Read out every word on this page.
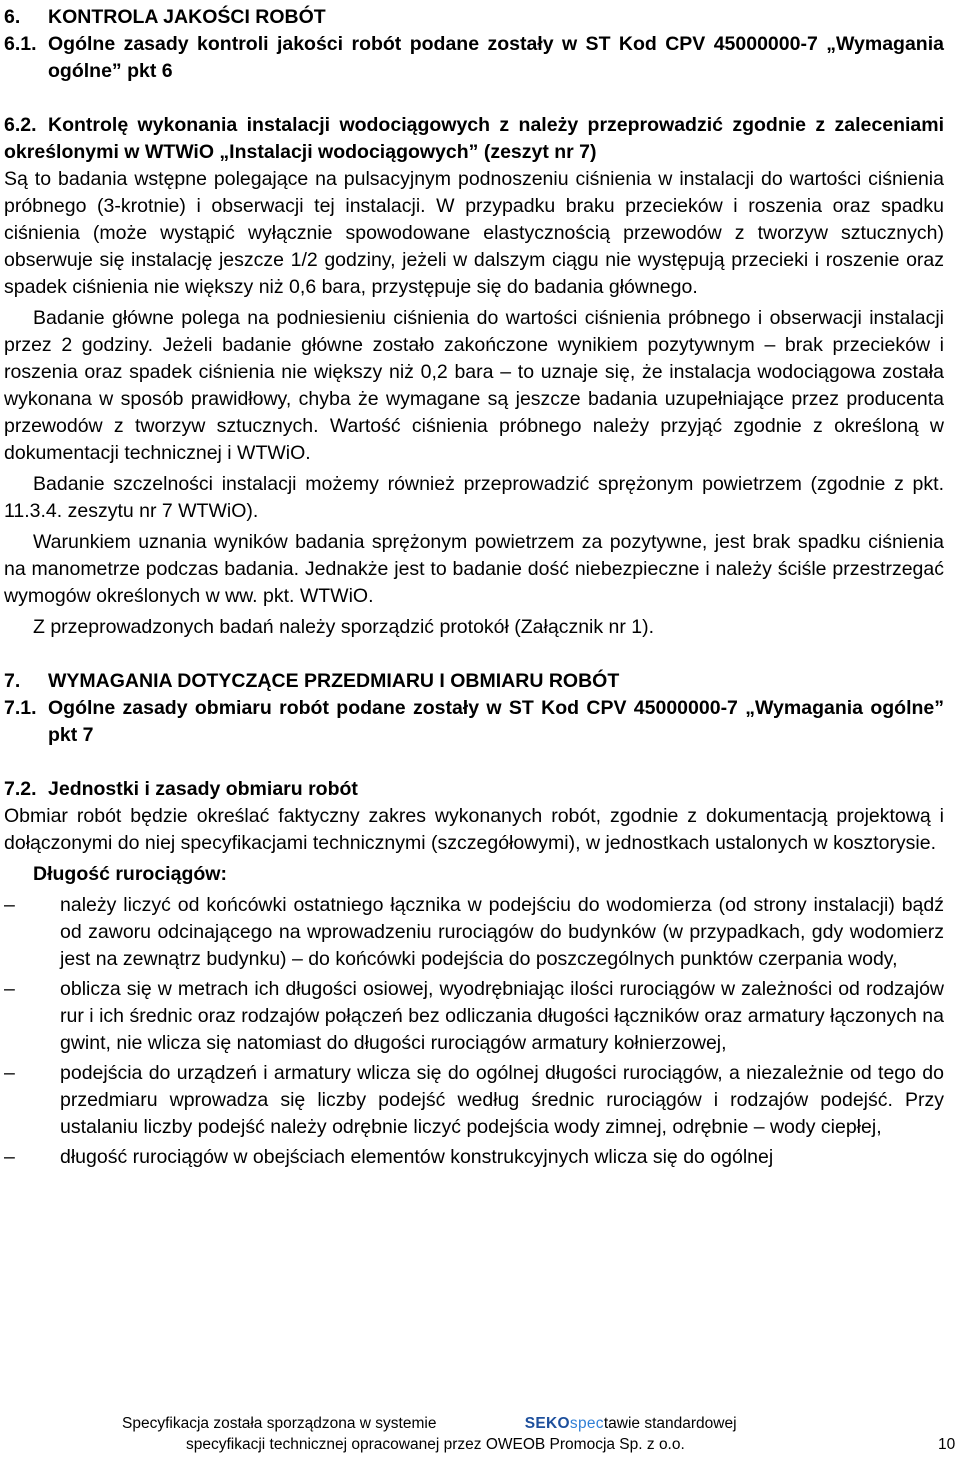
6. KONTROLA JAKOŚCI ROBÓT
6.1. Ogólne zasady kontroli jakości robót podane zostały w ST Kod CPV 45000000-7 „Wymagania ogólne” pkt 6

6.2. Kontrolę wykonania instalacji wodociągowych z należy przeprowadzić zgodnie z zaleceniami określonymi w WTWiO „Instalacji wodociągowych” (zeszyt nr 7)

Są to badania wstępne polegające na pulsacyjnym podnoszeniu ciśnienia w instalacji do wartości ciśnienia próbnego (3-krotnie) i obserwacji tej instalacji. W przypadku braku przecieków i roszenia oraz spadku ciśnienia (może wystąpić wyłącznie spowodowane elastycznością przewodów z tworzyw sztucznych) obserwuje się instalację jeszcze 1/2 godziny, jeżeli w dalszym ciągu nie występują przecieki i roszenie oraz spadek ciśnienia nie większy niż 0,6 bara, przystępuje się do badania głównego.

Badanie główne polega na podniesieniu ciśnienia do wartości ciśnienia próbnego i obserwacji instalacji przez 2 godziny. Jeżeli badanie główne zostało zakończone wynikiem pozytywnym – brak przecieków i roszenia oraz spadek ciśnienia nie większy niż 0,2 bara – to uznaje się, że instalacja wodociągowa została wykonana w sposób prawidłowy, chyba że wymagane są jeszcze badania uzupełniające przez producenta przewodów z tworzyw sztucznych. Wartość ciśnienia próbnego należy przyjąć zgodnie z określoną w dokumentacji technicznej i WTWiO.

Badanie szczelności instalacji możemy również przeprowadzić sprężonym powietrzem (zgodnie z pkt. 11.3.4. zeszytu nr 7 WTWiO).

Warunkiem uznania wyników badania sprężonym powietrzem za pozytywne, jest brak spadku ciśnienia na manometrze podczas badania. Jednakże jest to badanie dość niebezpieczne i należy ściśle przestrzegać wymogów określonych w ww. pkt. WTWiO.

Z przeprowadzonych badań należy sporządzić protokół (Załącznik nr 1).

7. WYMAGANIA DOTYCZĄCE PRZEDMIARU I OBMIARU ROBÓT
7.1. Ogólne zasady obmiaru robót podane zostały w ST Kod CPV 45000000-7 „Wymagania ogólne” pkt 7

7.2. Jednostki i zasady obmiaru robót

Obmiar robót będzie określać faktyczny zakres wykonanych robót, zgodnie z dokumentacją projektową i dołączonymi do niej specyfikacjami technicznymi (szczegółowymi), w jednostkach ustalonych w kosztorysie.

Długość rurociągów:
–	należy liczyć od końcówki ostatniego łącznika w podejściu do wodomierza (od strony instalacji) bądź od zaworu odcinającego na wprowadzeniu rurociągów do budynków (w przypadkach, gdy wodomierz jest na zewnątrz budynku) – do końcówki podejścia do poszczególnych punktów czerpania wody,
–	oblicza się w metrach ich długości osiowej, wyodrębniając ilości rurociągów w zależności od rodzajów rur i ich średnic oraz rodzajów połączeń bez odliczania długości łączników oraz armatury łączonych na gwint, nie wlicza się natomiast do długości rurociągów armatury kołnierzowej,
–	podejścia do urządzeń i armatury wlicza się do ogólnej długości rurociągów, a niezależnie od tego do przedmiaru wprowadza się liczby podejść według średnic rurociągów i rodzajów podejść. Przy ustalaniu liczby podejść należy odrębnie liczyć podejścia wody zimnej, odrębnie – wody ciepłej,
–	długość rurociągów w obejściach elementów konstrukcyjnych wlicza się do ogólnej
Specyfikacja została sporządzona w systemie	SEKOspectawie standardowej
specyfikacji technicznej opracowanej przez OWEOB Promocja Sp. z o.o.	10
